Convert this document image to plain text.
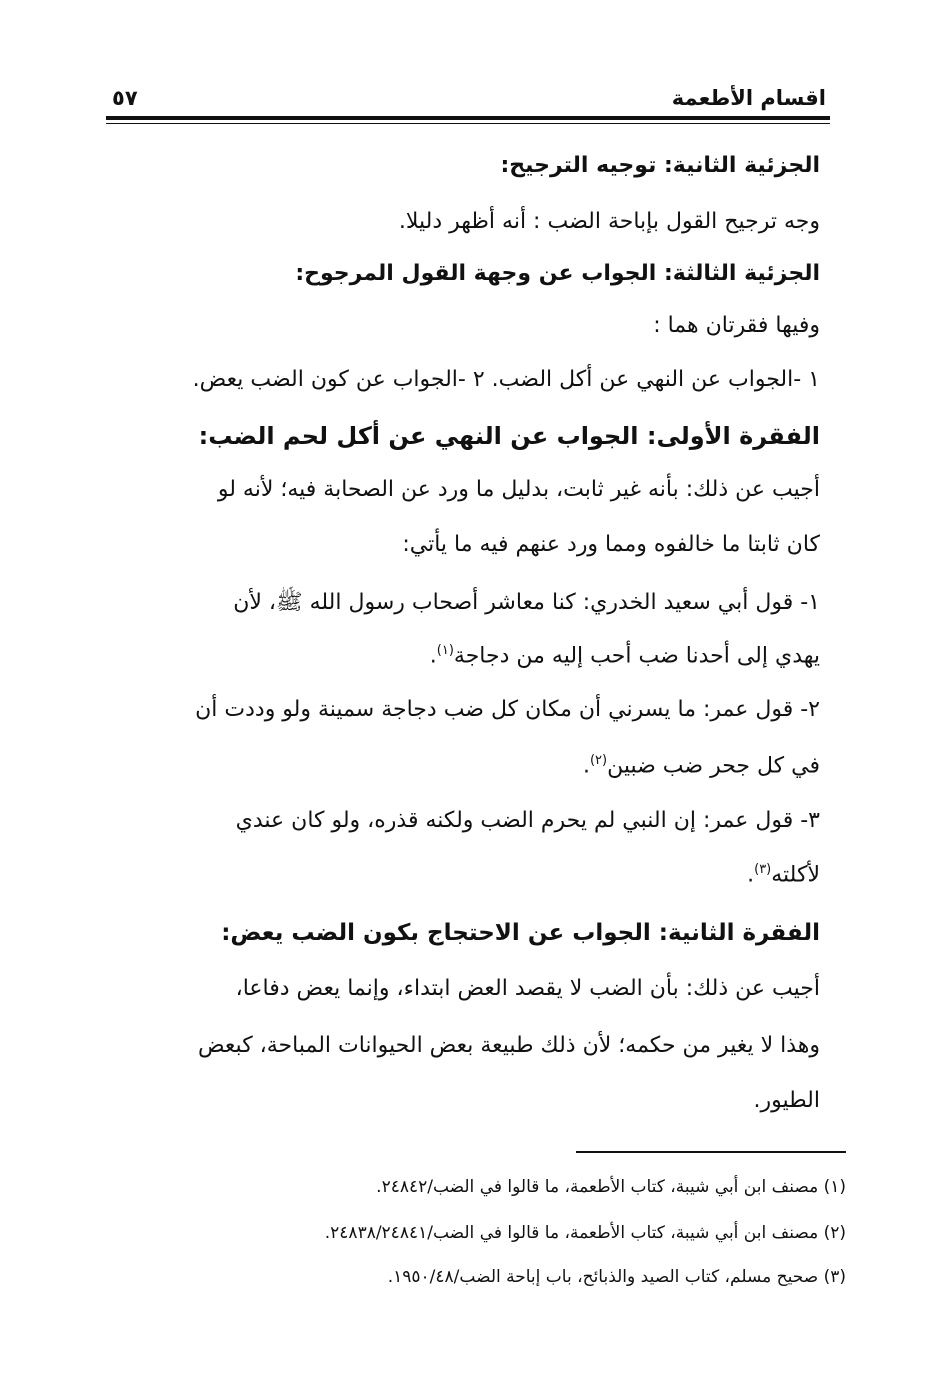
اقسام الأطعمة
٥٧
الجزئية الثانية: توجيه الترجيح:
وجه ترجيح القول بإباحة الضب : أنه أظهر دليلا.
الجزئية الثالثة: الجواب عن وجهة القول المرجوح:
وفيها فقرتان هما :
١ -الجواب عن النهي عن أكل الضب. ٢ -الجواب عن كون الضب يعض.
الفقرة الأولى: الجواب عن النهي عن أكل لحم الضب:
أجيب عن ذلك: بأنه غير ثابت، بدليل ما ورد عن الصحابة فيه؛ لأنه لو
كان ثابتا ما خالفوه ومما ورد عنهم فيه ما يأتي:
١- قول أبي سعيد الخدري: كنا معاشر أصحاب رسول الله ﷺ، لأن
يهدي إلى أحدنا ضب أحب إليه من دجاجة$^{(١)}$.
٢- قول عمر: ما يسرني أن مكان كل ضب دجاجة سمينة ولو وددت أن
في كل جحر ضب ضبين$^{(٢)}$.
٣- قول عمر: إن النبي لم يحرم الضب ولكنه قذره، ولو كان عندي
لأكلته$^{(٣)}$.
الفقرة الثانية: الجواب عن الاحتجاج بكون الضب يعض:
أجيب عن ذلك: بأن الضب لا يقصد العض ابتداء، وإنما يعض دفاعا،
وهذا لا يغير من حكمه؛ لأن ذلك طبيعة بعض الحيوانات المباحة، كبعض
الطيور.
(١) مصنف ابن أبي شيبة، كتاب الأطعمة، ما قالوا في الضب/٢٤٨٤٢.
(٢) مصنف ابن أبي شيبة، كتاب الأطعمة، ما قالوا في الضب/٢٤٨٣٨/٢٤٨٤١.
(٣) صحيح مسلم، كتاب الصيد والذبائح، باب إباحة الضب/١٩٥٠/٤٨.
